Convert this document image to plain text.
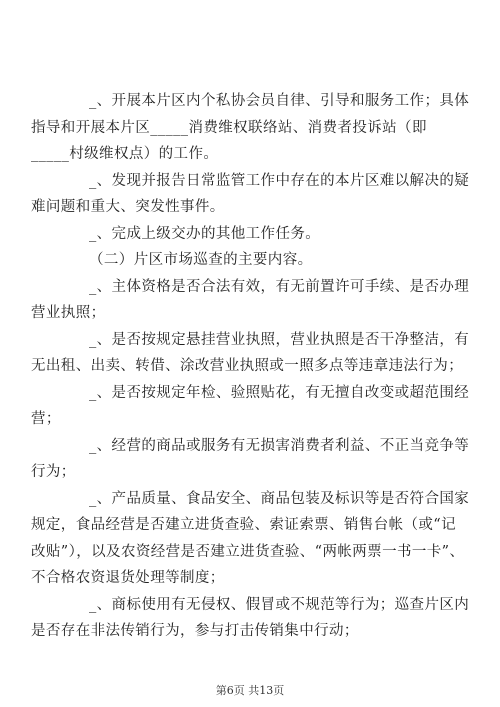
_、开展本片区内个私协会员自律、引导和服务工作；具体
指导和开展本片区_____消费维权联络站、消费者投诉站（即
_____村级维权点）的工作。
_、发现并报告日常监管工作中存在的本片区难以解决的疑
难问题和重大、突发性事件。
_、完成上级交办的其他工作任务。
（二）片区市场巡查的主要内容。
_、主体资格是否合法有效，有无前置许可手续、是否办理
营业执照；
_、是否按规定悬挂营业执照，营业执照是否干净整洁，有
无出租、出卖、转借、涂改营业执照或一照多点等违章违法行为；
_、是否按规定年检、验照贴花，有无擅自改变或超范围经
营；
_、经营的商品或服务有无损害消费者利益、不正当竞争等
行为；
_、产品质量、食品安全、商品包装及标识等是否符合国家
规定，食品经营是否建立进货查验、索证索票、销售台帐（或“记
改贴”），以及农资经营是否建立进货查验、“两帐两票一书一卡”、
不合格农资退货处理等制度；
_、商标使用有无侵权、假冒或不规范等行为；巡查片区内
是否存在非法传销行为，参与打击传销集中行动；
第6页 共13页
